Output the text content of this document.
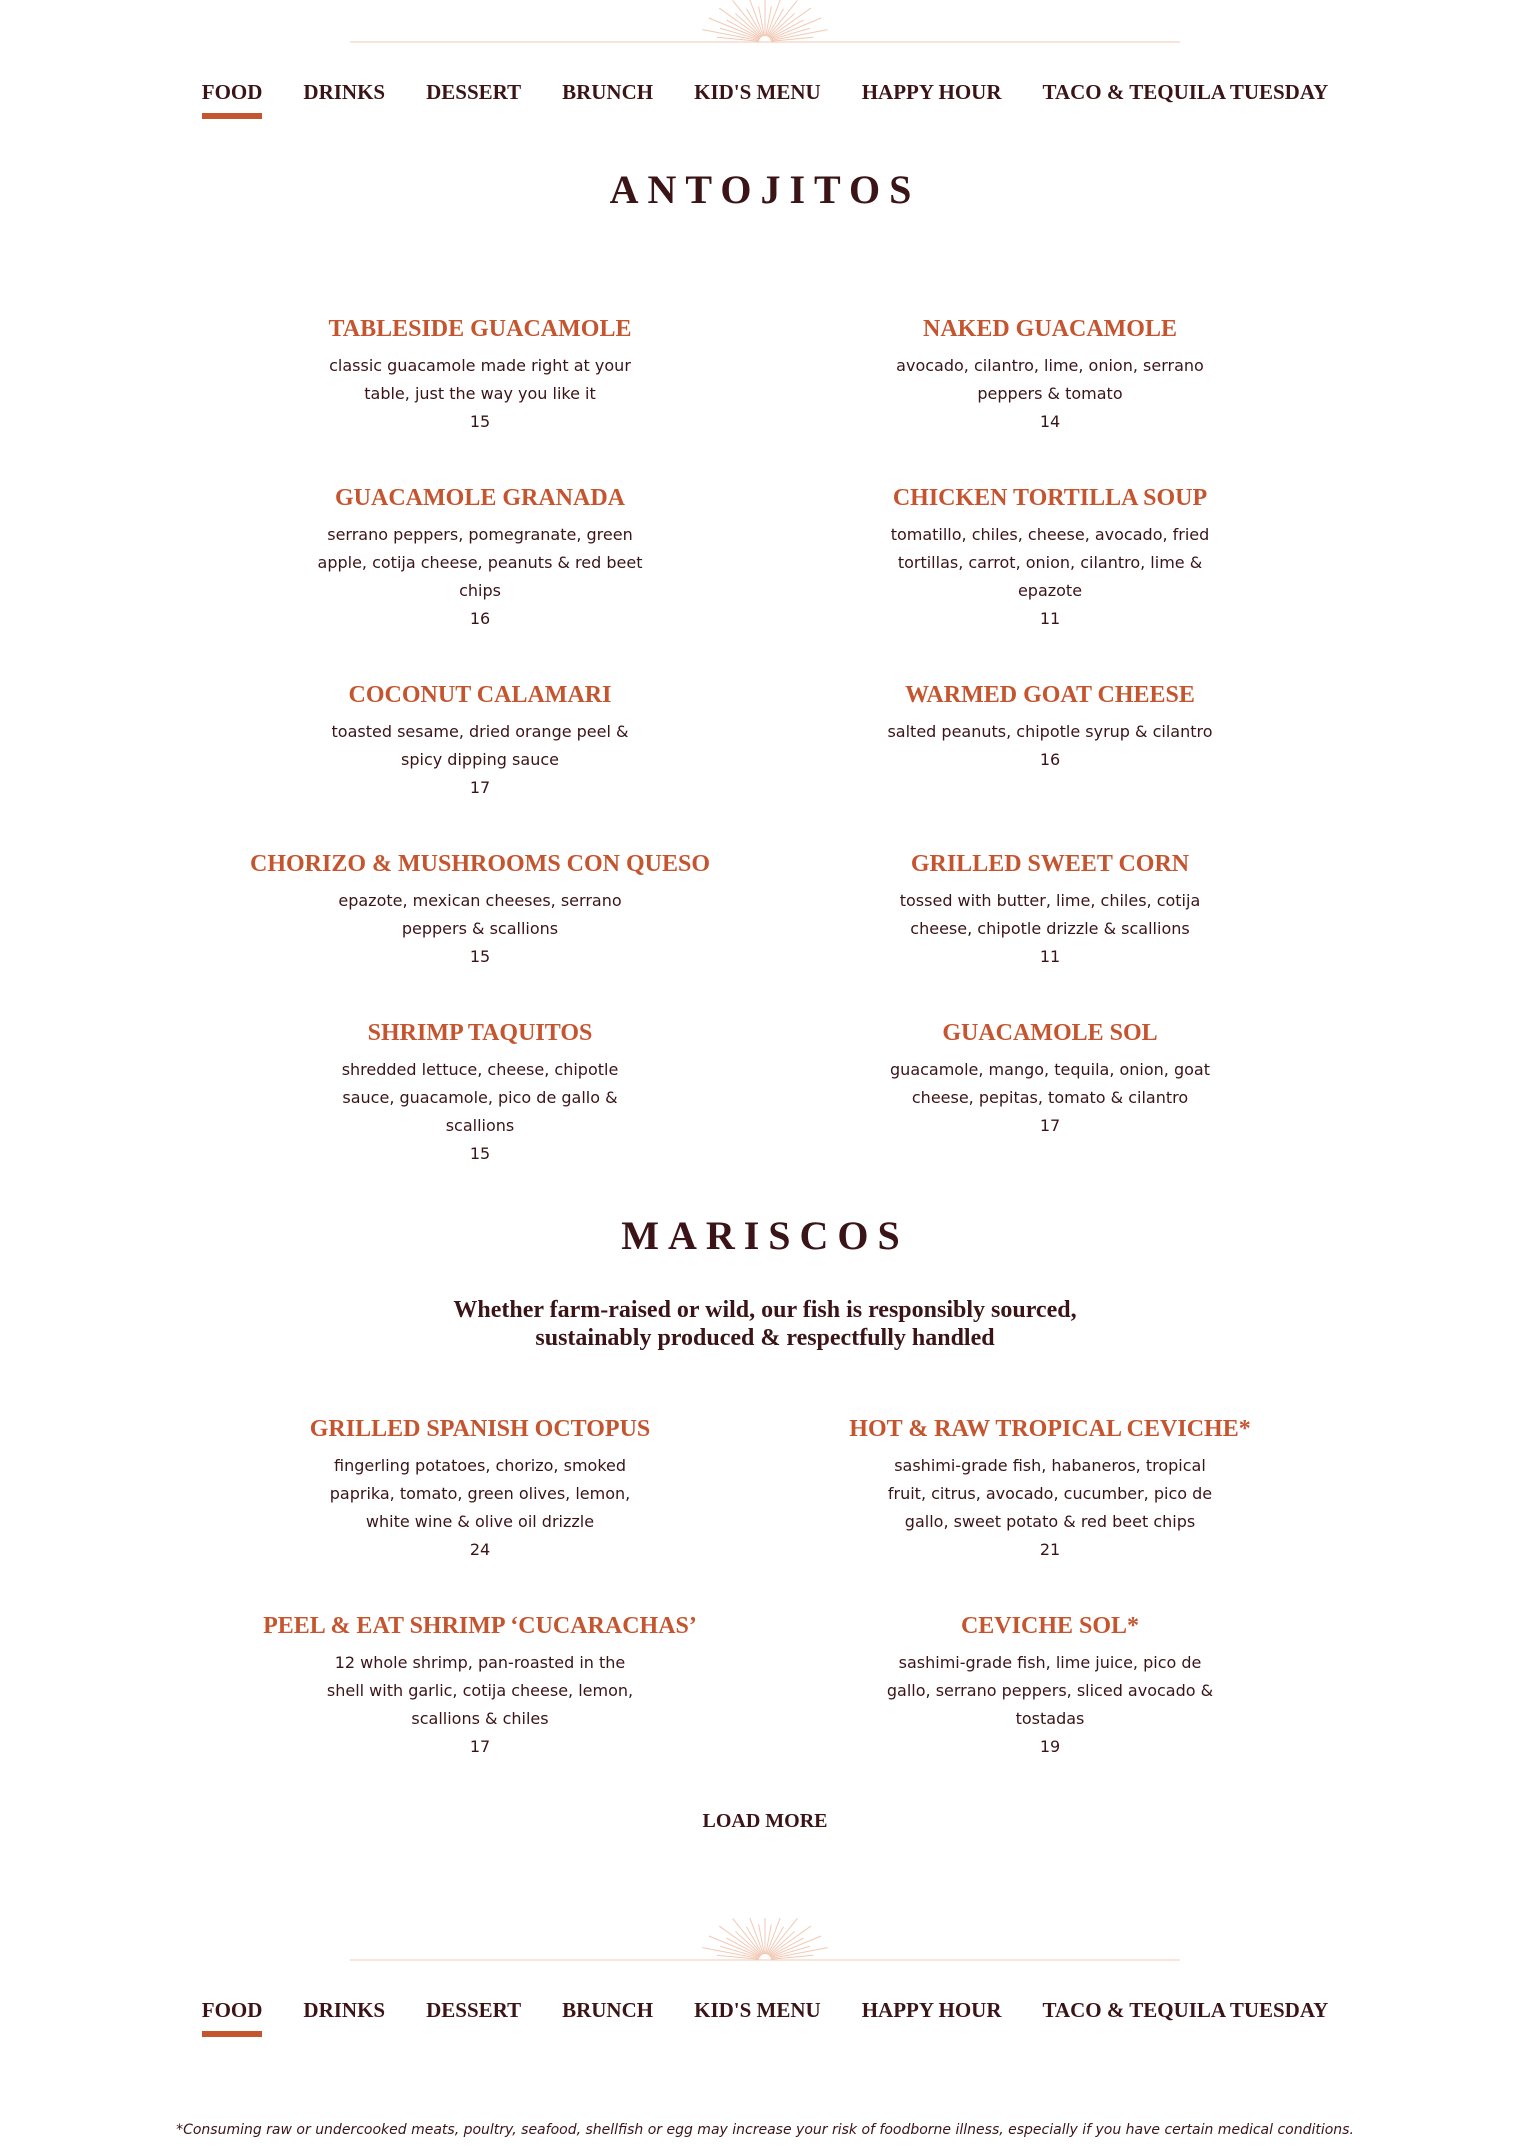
FOOD DRINKS DESSERT BRUNCH KID'S MENU HAPPY HOUR TACO & TEQUILA TUESDAY
ANTOJITOS
TABLESIDE GUACAMOLE
classic guacamole made right at your table, just the way you like it
15
NAKED GUACAMOLE
avocado, cilantro, lime, onion, serrano peppers & tomato
14
GUACAMOLE GRANADA
serrano peppers, pomegranate, green apple, cotija cheese, peanuts & red beet chips
16
CHICKEN TORTILLA SOUP
tomatillo, chiles, cheese, avocado, fried tortillas, carrot, onion, cilantro, lime & epazote
11
COCONUT CALAMARI
toasted sesame, dried orange peel & spicy dipping sauce
17
WARMED GOAT CHEESE
salted peanuts, chipotle syrup & cilantro
16
CHORIZO & MUSHROOMS CON QUESO
epazote, mexican cheeses, serrano peppers & scallions
15
GRILLED SWEET CORN
tossed with butter, lime, chiles, cotija cheese, chipotle drizzle & scallions
11
SHRIMP TAQUITOS
shredded lettuce, cheese, chipotle sauce, guacamole, pico de gallo & scallions
15
GUACAMOLE SOL
guacamole, mango, tequila, onion, goat cheese, pepitas, tomato & cilantro
17
MARISCOS
Whether farm-raised or wild, our fish is responsibly sourced,
sustainably produced & respectfully handled
GRILLED SPANISH OCTOPUS
fingerling potatoes, chorizo, smoked paprika, tomato, green olives, lemon, white wine & olive oil drizzle
24
HOT & RAW TROPICAL CEVICHE*
sashimi-grade fish, habaneros, tropical fruit, citrus, avocado, cucumber, pico de gallo, sweet potato & red beet chips
21
PEEL & EAT SHRIMP ‘CUCARACHAS’
12 whole shrimp, pan-roasted in the shell with garlic, cotija cheese, lemon, scallions & chiles
17
CEVICHE SOL*
sashimi-grade fish, lime juice, pico de gallo, serrano peppers, sliced avocado & tostadas
19
LOAD MORE
FOOD DRINKS DESSERT BRUNCH KID'S MENU HAPPY HOUR TACO & TEQUILA TUESDAY
*Consuming raw or undercooked meats, poultry, seafood, shellfish or egg may increase your risk of foodborne illness, especially if you have certain medical conditions.
